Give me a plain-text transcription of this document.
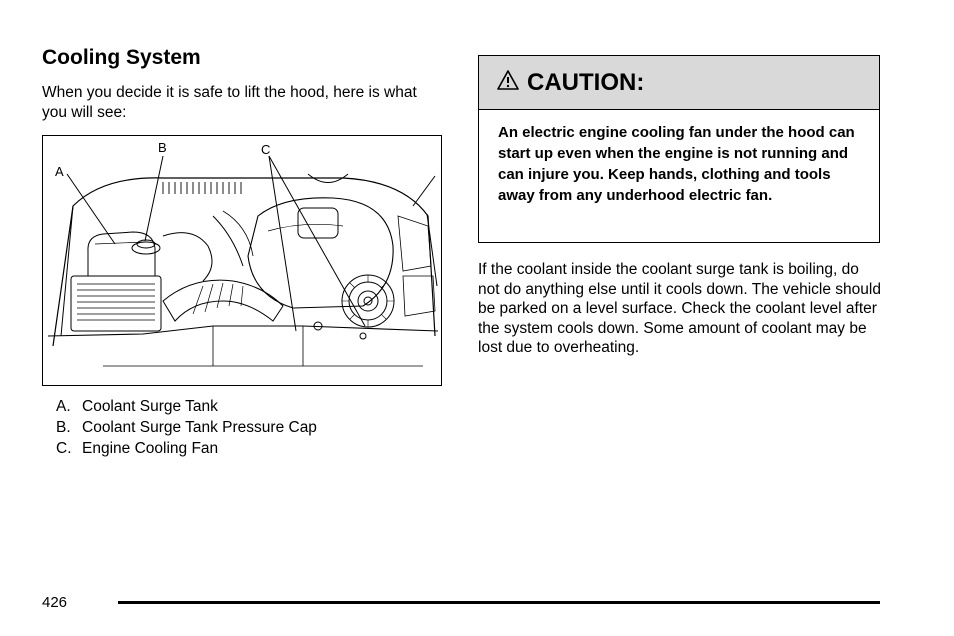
Cooling System

When you decide it is safe to lift the hood, here is what you will see:

A
B	C
A. Coolant Surge Tank
B. Coolant Surge Tank Pressure Cap
C. Engine Cooling Fan
CAUTION:

An electric engine cooling fan under the hood can start up even when the engine is not running and can injure you. Keep hands, clothing and tools away from any underhood electric fan.

If the coolant inside the coolant surge tank is boiling, do not do anything else until it cools down. The vehicle should be parked on a level surface. Check the coolant level after the system cools down. Some amount of coolant may be lost due to overheating.

426
